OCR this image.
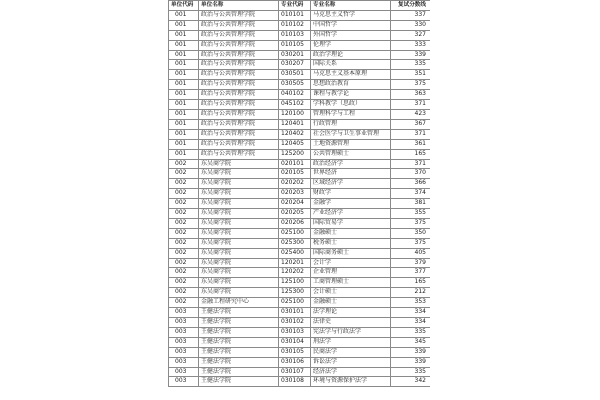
单位代码	单位名称	专业代码	专业名称	复试分数线
001	政治与公共管理学院	010101	马克思主义哲学	337
001	政治与公共管理学院	010102	中国哲学	330
001	政治与公共管理学院	010103	外国哲学	327
001	政治与公共管理学院	010105	伦理学	333
001	政治与公共管理学院	030201	政治学理论	339
001	政治与公共管理学院	030207	国际关系	335
001	政治与公共管理学院	030501	马克思主义基本原理	351
001	政治与公共管理学院	030505	思想政治教育	375
001	政治与公共管理学院	040102	课程与教学论	363
001	政治与公共管理学院	045102	学科教学（思政）	371
001	政治与公共管理学院	120100	管理科学与工程	423
001	政治与公共管理学院	120401	行政管理	367
001	政治与公共管理学院	120402	社会医学与卫生事业管理	371
001	政治与公共管理学院	120405	土地资源管理	361
001	政治与公共管理学院	125200	公共管理硕士	165
002	东吴商学院	020101	政治经济学	371
002	东吴商学院	020105	世界经济	370
002	东吴商学院	020202	区域经济学	366
002	东吴商学院	020203	财政学	374
002	东吴商学院	020204	金融学	381
002	东吴商学院	020205	产业经济学	355
002	东吴商学院	020206	国际贸易学	375
002	东吴商学院	025100	金融硕士	350
002	东吴商学院	025300	税务硕士	375
002	东吴商学院	025400	国际商务硕士	405
002	东吴商学院	120201	会计学	379
002	东吴商学院	120202	企业管理	377
002	东吴商学院	125100	工商管理硕士	165
002	东吴商学院	125300	会计硕士	212
002	金融工程研究中心	025100	金融硕士	353
003	王健法学院	030101	法学理论	334
003	王健法学院	030102	法律史	334
003	王健法学院	030103	宪法学与行政法学	335
003	王健法学院	030104	刑法学	345
003	王健法学院	030105	民商法学	339
003	王健法学院	030106	诉讼法学	339
003	王健法学院	030107	经济法学	335
003	王健法学院	030108	环境与资源保护法学	342
